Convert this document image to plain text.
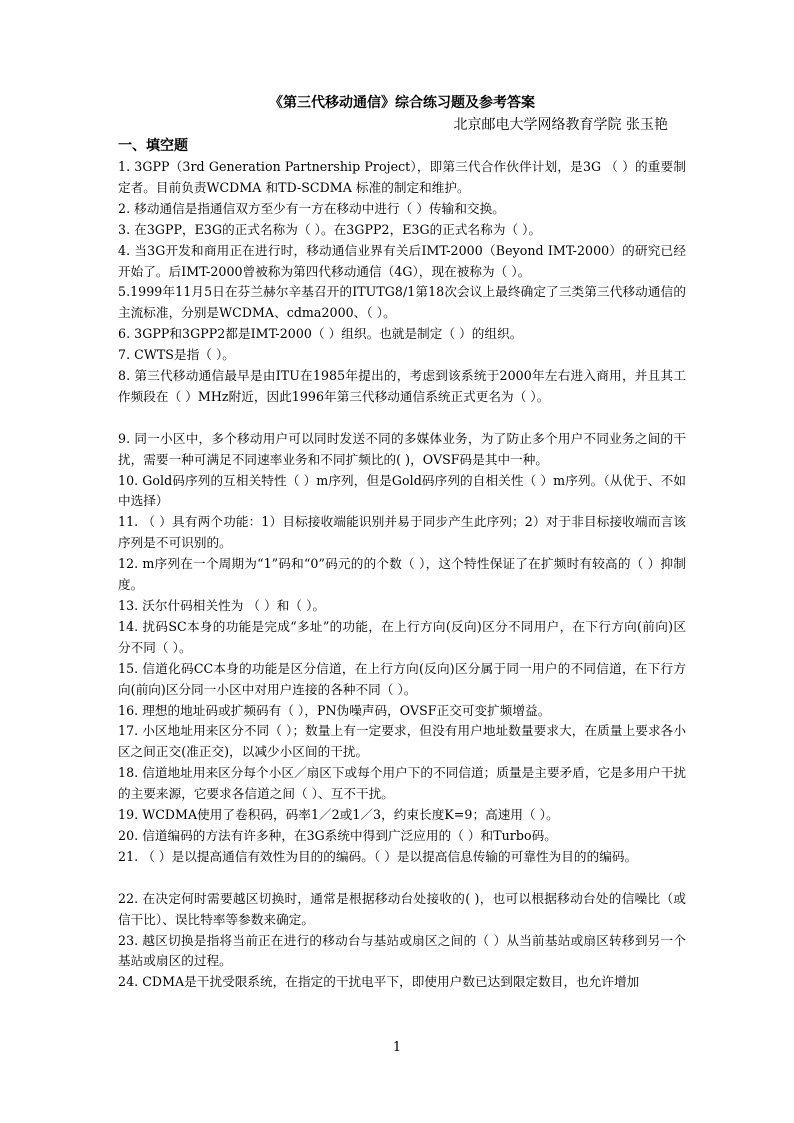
《第三代移动通信》综合练习题及参考答案
北京邮电大学网络教育学院 张玉艳
一、填空题
1. 3GPP（3rd Generation Partnership Project），即第三代合作伙伴计划，是3G （ ）的重要制定者。目前负责WCDMA 和TD-SCDMA 标准的制定和维护。
2. 移动通信是指通信双方至少有一方在移动中进行（ ）传输和交换。
3. 在3GPP，E3G的正式名称为（ ）。在3GPP2，E3G的正式名称为（ ）。
4. 当3G开发和商用正在进行时，移动通信业界有关后IMT-2000（Beyond IMT-2000）的研究已经开始了。后IMT-2000曾被称为第四代移动通信（4G），现在被称为（ ）。
5.1999年11月5日在芬兰赫尔辛基召开的ITUTG8/1第18次会议上最终确定了三类第三代移动通信的主流标准，分别是WCDMA、cdma2000、（ ）。
6. 3GPP和3GPP2都是IMT-2000（ ）组织。也就是制定（ ）的组织。
7. CWTS是指（ ）。
8. 第三代移动通信最早是由ITU在1985年提出的，考虑到该系统于2000年左右进入商用，并且其工作频段在（ ）MHz附近，因此1996年第三代移动通信系统正式更名为（ ）。
9. 同一小区中，多个移动用户可以同时发送不同的多媒体业务，为了防止多个用户不同业务之间的干扰，需要一种可满足不同速率业务和不同扩频比的( )，OVSF码是其中一种。
10. Gold码序列的互相关特性（ ）m序列，但是Gold码序列的自相关性（ ）m序列。（从优于、不如中选择）
11. （ ）具有两个功能：1）目标接收端能识别并易于同步产生此序列；2）对于非目标接收端而言该序列是不可识别的。
12. m序列在一个周期为“1”码和“0”码元的的个数（ ），这个特性保证了在扩频时有较高的（ ）抑制度。
13. 沃尔什码相关性为 （ ）和（ ）。
14. 扰码SC本身的功能是完成“多址”的功能，在上行方向(反向)区分不同用户，在下行方向(前向)区分不同（ ）。
15. 信道化码CC本身的功能是区分信道，在上行方向(反向)区分属于同一用户的不同信道，在下行方向(前向)区分同一小区中对用户连接的各种不同（ ）。
16. 理想的地址码或扩频码有（ ），PN伪噪声码，OVSF正交可变扩频增益。
17. 小区地址用来区分不同（ ）；数量上有一定要求，但没有用户地址数量要求大，在质量上要求各小区之间正交(准正交)，以减少小区间的干扰。
18. 信道地址用来区分每个小区／扇区下或每个用户下的不同信道；质量是主要矛盾，它是多用户干扰的主要来源，它要求各信道之间（ ）、互不干扰。
19. WCDMA使用了卷积码，码率1／2或1／3，约束长度K=9；高速用（ ）。
20. 信道编码的方法有许多种，在3G系统中得到广泛应用的（ ）和Turbo码。
21. （ ）是以提高通信有效性为目的的编码。（ ）是以提高信息传输的可靠性为目的的编码。
22. 在决定何时需要越区切换时，通常是根据移动台处接收的( )，也可以根据移动台处的信噪比（或信干比）、误比特率等参数来确定。
23. 越区切换是指将当前正在进行的移动台与基站或扇区之间的（ ）从当前基站或扇区转移到另一个基站或扇区的过程。
24. CDMA是干扰受限系统，在指定的干扰电平下，即使用户数已达到限定数目，也允许增加
1
